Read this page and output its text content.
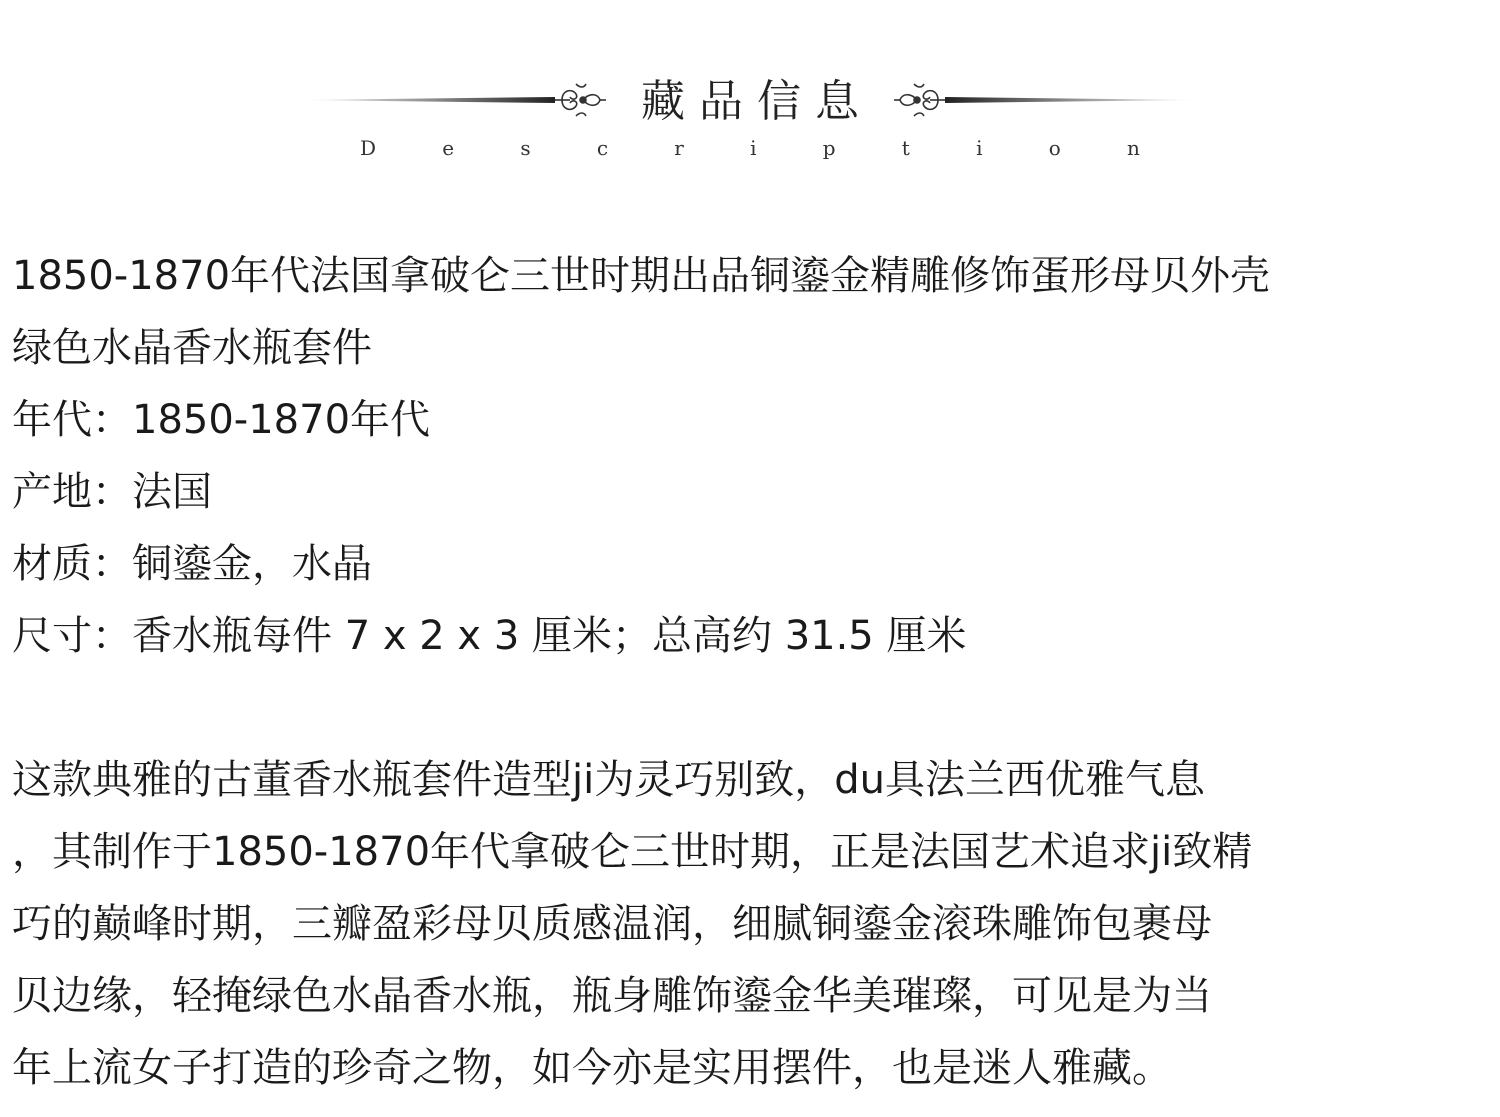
藏品信息
D	e	s	c	r	i	p	t	i	o	n

1850-1870年代法国拿破仑三世时期出品铜鎏金精雕修饰蛋形母贝外壳

绿色水晶香水瓶套件

年代：1850-1870年代

产地：法国

材质：铜鎏金，水晶

尺寸：香水瓶每件 7 x 2 x 3 厘米；总高约 31.5 厘米

这款典雅的古董香水瓶套件造型ji为灵巧别致，du具法兰西优雅气息

，其制作于1850-1870年代拿破仑三世时期，正是法国艺术追求ji致精

巧的巅峰时期，三瓣盈彩母贝质感温润，细腻铜鎏金滚珠雕饰包裹母

贝边缘，轻掩绿色水晶香水瓶，瓶身雕饰鎏金华美璀璨，可见是为当

年上流女子打造的珍奇之物，如今亦是实用摆件，也是迷人雅藏。
